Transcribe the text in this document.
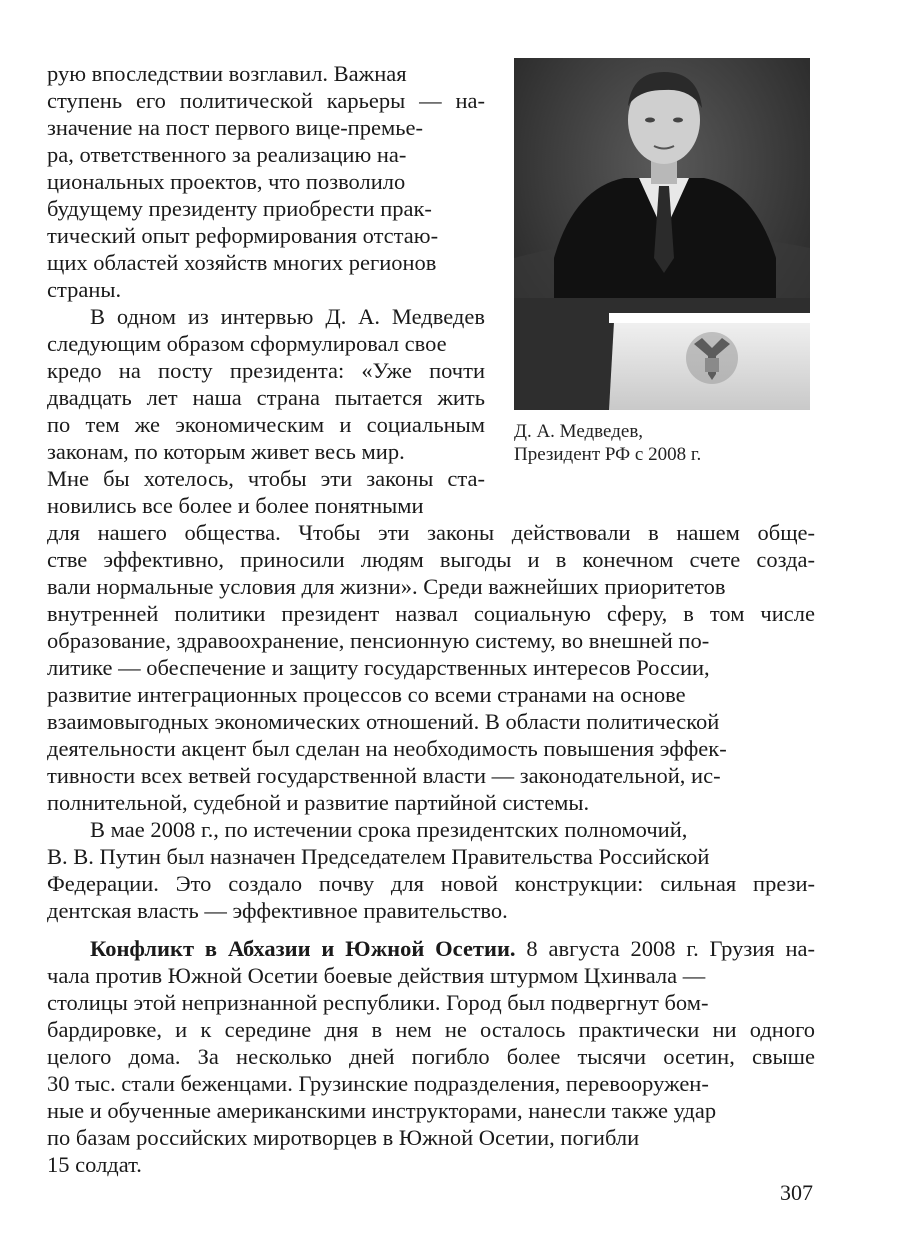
Д. А. Медведев,
Президент РФ с 2008 г.
рую впоследствии возглавил. Важная
ступень его политической карьеры — на-
значение на пост первого вице-премье-
ра, ответственного за реализацию на-
циональных проектов, что позволило
будущему президенту приобрести прак-
тический опыт реформирования отстаю-
щих областей хозяйств многих регионов
страны.
В одном из интервью Д. А. Медведев
следующим образом сформулировал свое
кредо на посту президента: «Уже почти
двадцать лет наша страна пытается жить
по тем же экономическим и социальным
законам, по которым живет весь мир.
Мне бы хотелось, чтобы эти законы ста-
новились все более и более понятными
для нашего общества. Чтобы эти законы действовали в нашем обще-
стве эффективно, приносили людям выгоды и в конечном счете созда-
вали нормальные условия для жизни». Среди важнейших приоритетов
внутренней политики президент назвал социальную сферу, в том числе
образование, здравоохранение, пенсионную систему, во внешней по-
литике — обеспечение и защиту государственных интересов России,
развитие интеграционных процессов со всеми странами на основе
взаимовыгодных экономических отношений. В области политической
деятельности акцент был сделан на необходимость повышения эффек-
тивности всех ветвей государственной власти — законодательной, ис-
полнительной, судебной и развитие партийной системы.
В мае 2008 г., по истечении срока президентских полномочий,
В. В. Путин был назначен Председателем Правительства Российской
Федерации. Это создало почву для новой конструкции: сильная прези-
дентская власть — эффективное правительство.
Конфликт в Абхазии и Южной Осетии. 8 августа 2008 г. Грузия на-
чала против Южной Осетии боевые действия штурмом Цхинвала —
столицы этой непризнанной республики. Город был подвергнут бом-
бардировке, и к середине дня в нем не осталось практически ни одного
целого дома. За несколько дней погибло более тысячи осетин, свыше
30 тыс. стали беженцами. Грузинские подразделения, перевооружен-
ные и обученные американскими инструкторами, нанесли также удар
по базам российских миротворцев в Южной Осетии, погибли
15 солдат.
307
